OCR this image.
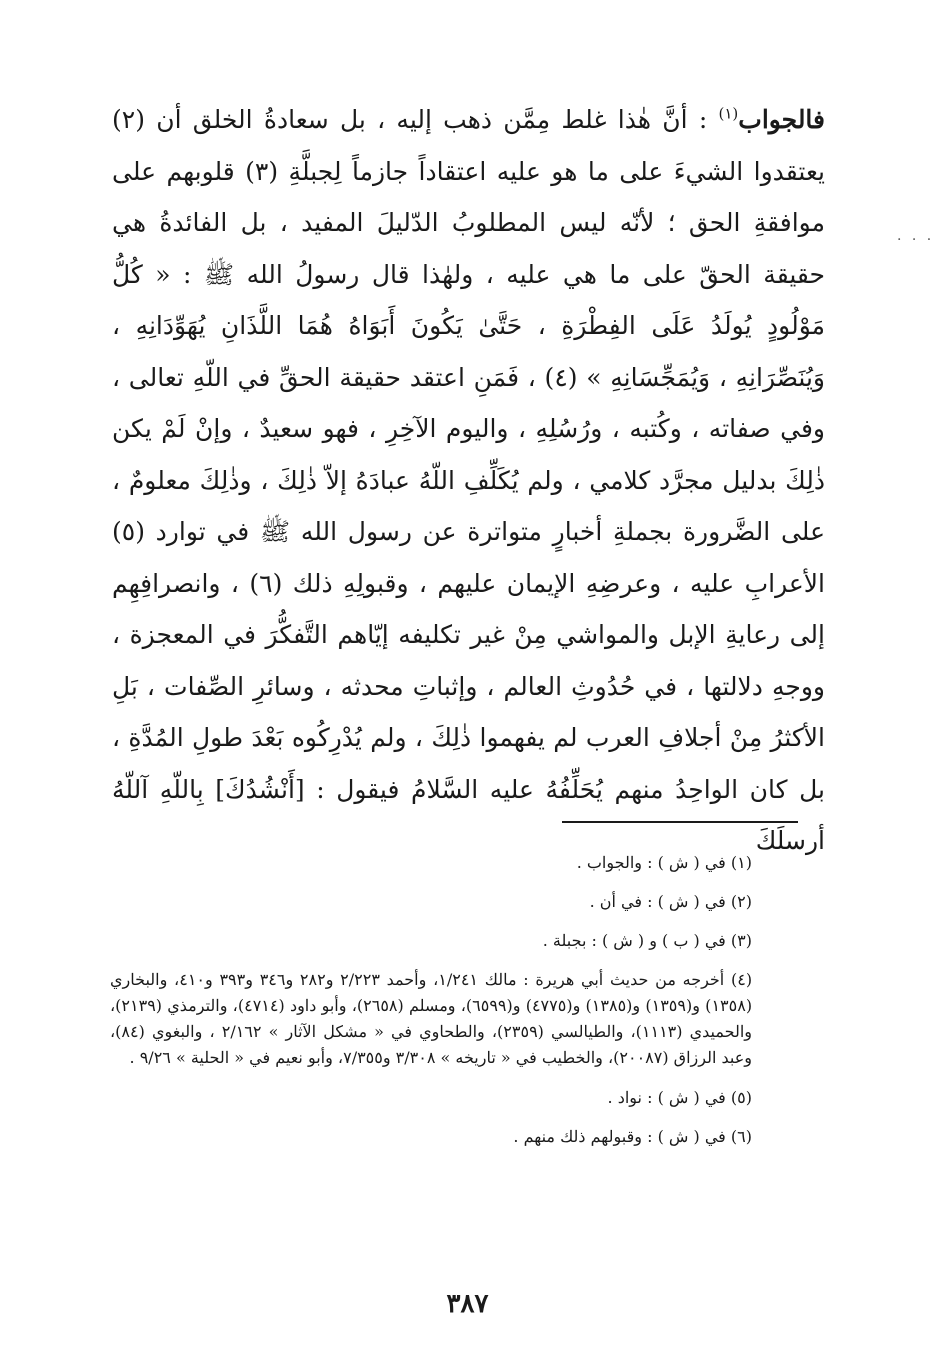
فالجواب$^{(١)}$ : أنَّ هٰذا غلط مِمَّن ذهب إليه ، بل سعادةُ الخلق أن (٢) يعتقدوا الشيءَ على ما هو عليه اعتقاداً جازماً لِجبلَّةِ (٣) قلوبهم على موافقةِ الحق ؛ لأنّه ليس المطلوبُ الدّليلَ المفيد ، بل الفائدةُ هي حقيقة الحقّ على ما هي عليه ، ولهٰذا قال رسولُ الله ﷺ : « كُلُّ مَوْلُودٍ يُولَدُ عَلَى الفِطْرَةِ ، حَتَّىٰ يَكُونَ أَبَوَاهُ هُمَا اللَّذَانِ يُهَوِّدَانِهِ ، وَيُنَصِّرَانِهِ ، وَيُمَجِّسَانِهِ » (٤) ، فَمَنِ اعتقد حقيقة الحقِّ في اللّهِ تعالى ، وفي صفاته ، وكُتبه ، ورُسُلِهِ ، واليوم الآخِرِ ، فهو سعيدٌ ، وإنْ لَمْ يكن ذٰلِكَ بدليل مجرَّد كلامي ، ولم يُكَلِّفِ اللّهُ عبادَهُ إلاّ ذٰلِكَ ، وذٰلِكَ معلومٌ ، على الضَّرورة بجملةِ أخبارٍ متواترة عن رسول الله ﷺ في توارد (٥) الأعرابِ عليه ، وعرضِهِ الإيمان عليهم ، وقبولِهِ ذلك (٦) ، وانصرافِهِم إلى رعايةِ الإبل والمواشي مِنْ غير تكليفه إيّاهم التَّفكُّرَ في المعجزة ، ووجهِ دلالتها ، في حُدُوثِ العالم ، وإثباتِ محدثه ، وسائرِ الصِّفات ، بَلِ الأكثرُ مِنْ أجلافِ العرب لم يفهموا ذٰلِكَ ، ولم يُدْرِكُوه بَعْدَ طولِ المُدَّةِ ، بل كان الواحِدُ منهم يُحَلِّفُهُ عليه السَّلامُ فيقول : [أَنْشُدُكَ] بِاللّهِ آللّهُ أرسلَكَ

(١) في ( ش ) : والجواب .

(٢) في ( ش ) : في أن .

(٣) في ( ب ) و ( ش ) : بجبلة .

(٤) أخرجه من حديث أبي هريرة : مالك ١/٢٤١، وأحمد ٢/٢٢٣ و٢٨٢ و٣٤٦ و٣٩٣ و٤١٠، والبخاري (١٣٥٨) و(١٣٥٩) و(١٣٨٥) و(٤٧٧٥) و(٦٥٩٩)، ومسلم (٢٦٥٨)، وأبو داود (٤٧١٤)، والترمذي (٢١٣٩)، والحميدي (١١١٣)، والطيالسي (٢٣٥٩)، والطحاوي في « مشكل الآثار » ٢/١٦٢ ، والبغوي (٨٤)، وعبد الرزاق (٢٠٠٨٧)، والخطيب في « تاريخه » ٣/٣٠٨ و٧/٣٥٥، وأبو نعيم في « الحلية » ٩/٢٦ .

(٥) في ( ش ) : نواد .

(٦) في ( ش ) : وقبولهم ذلك منهم .

٣٨٧
· · ·
